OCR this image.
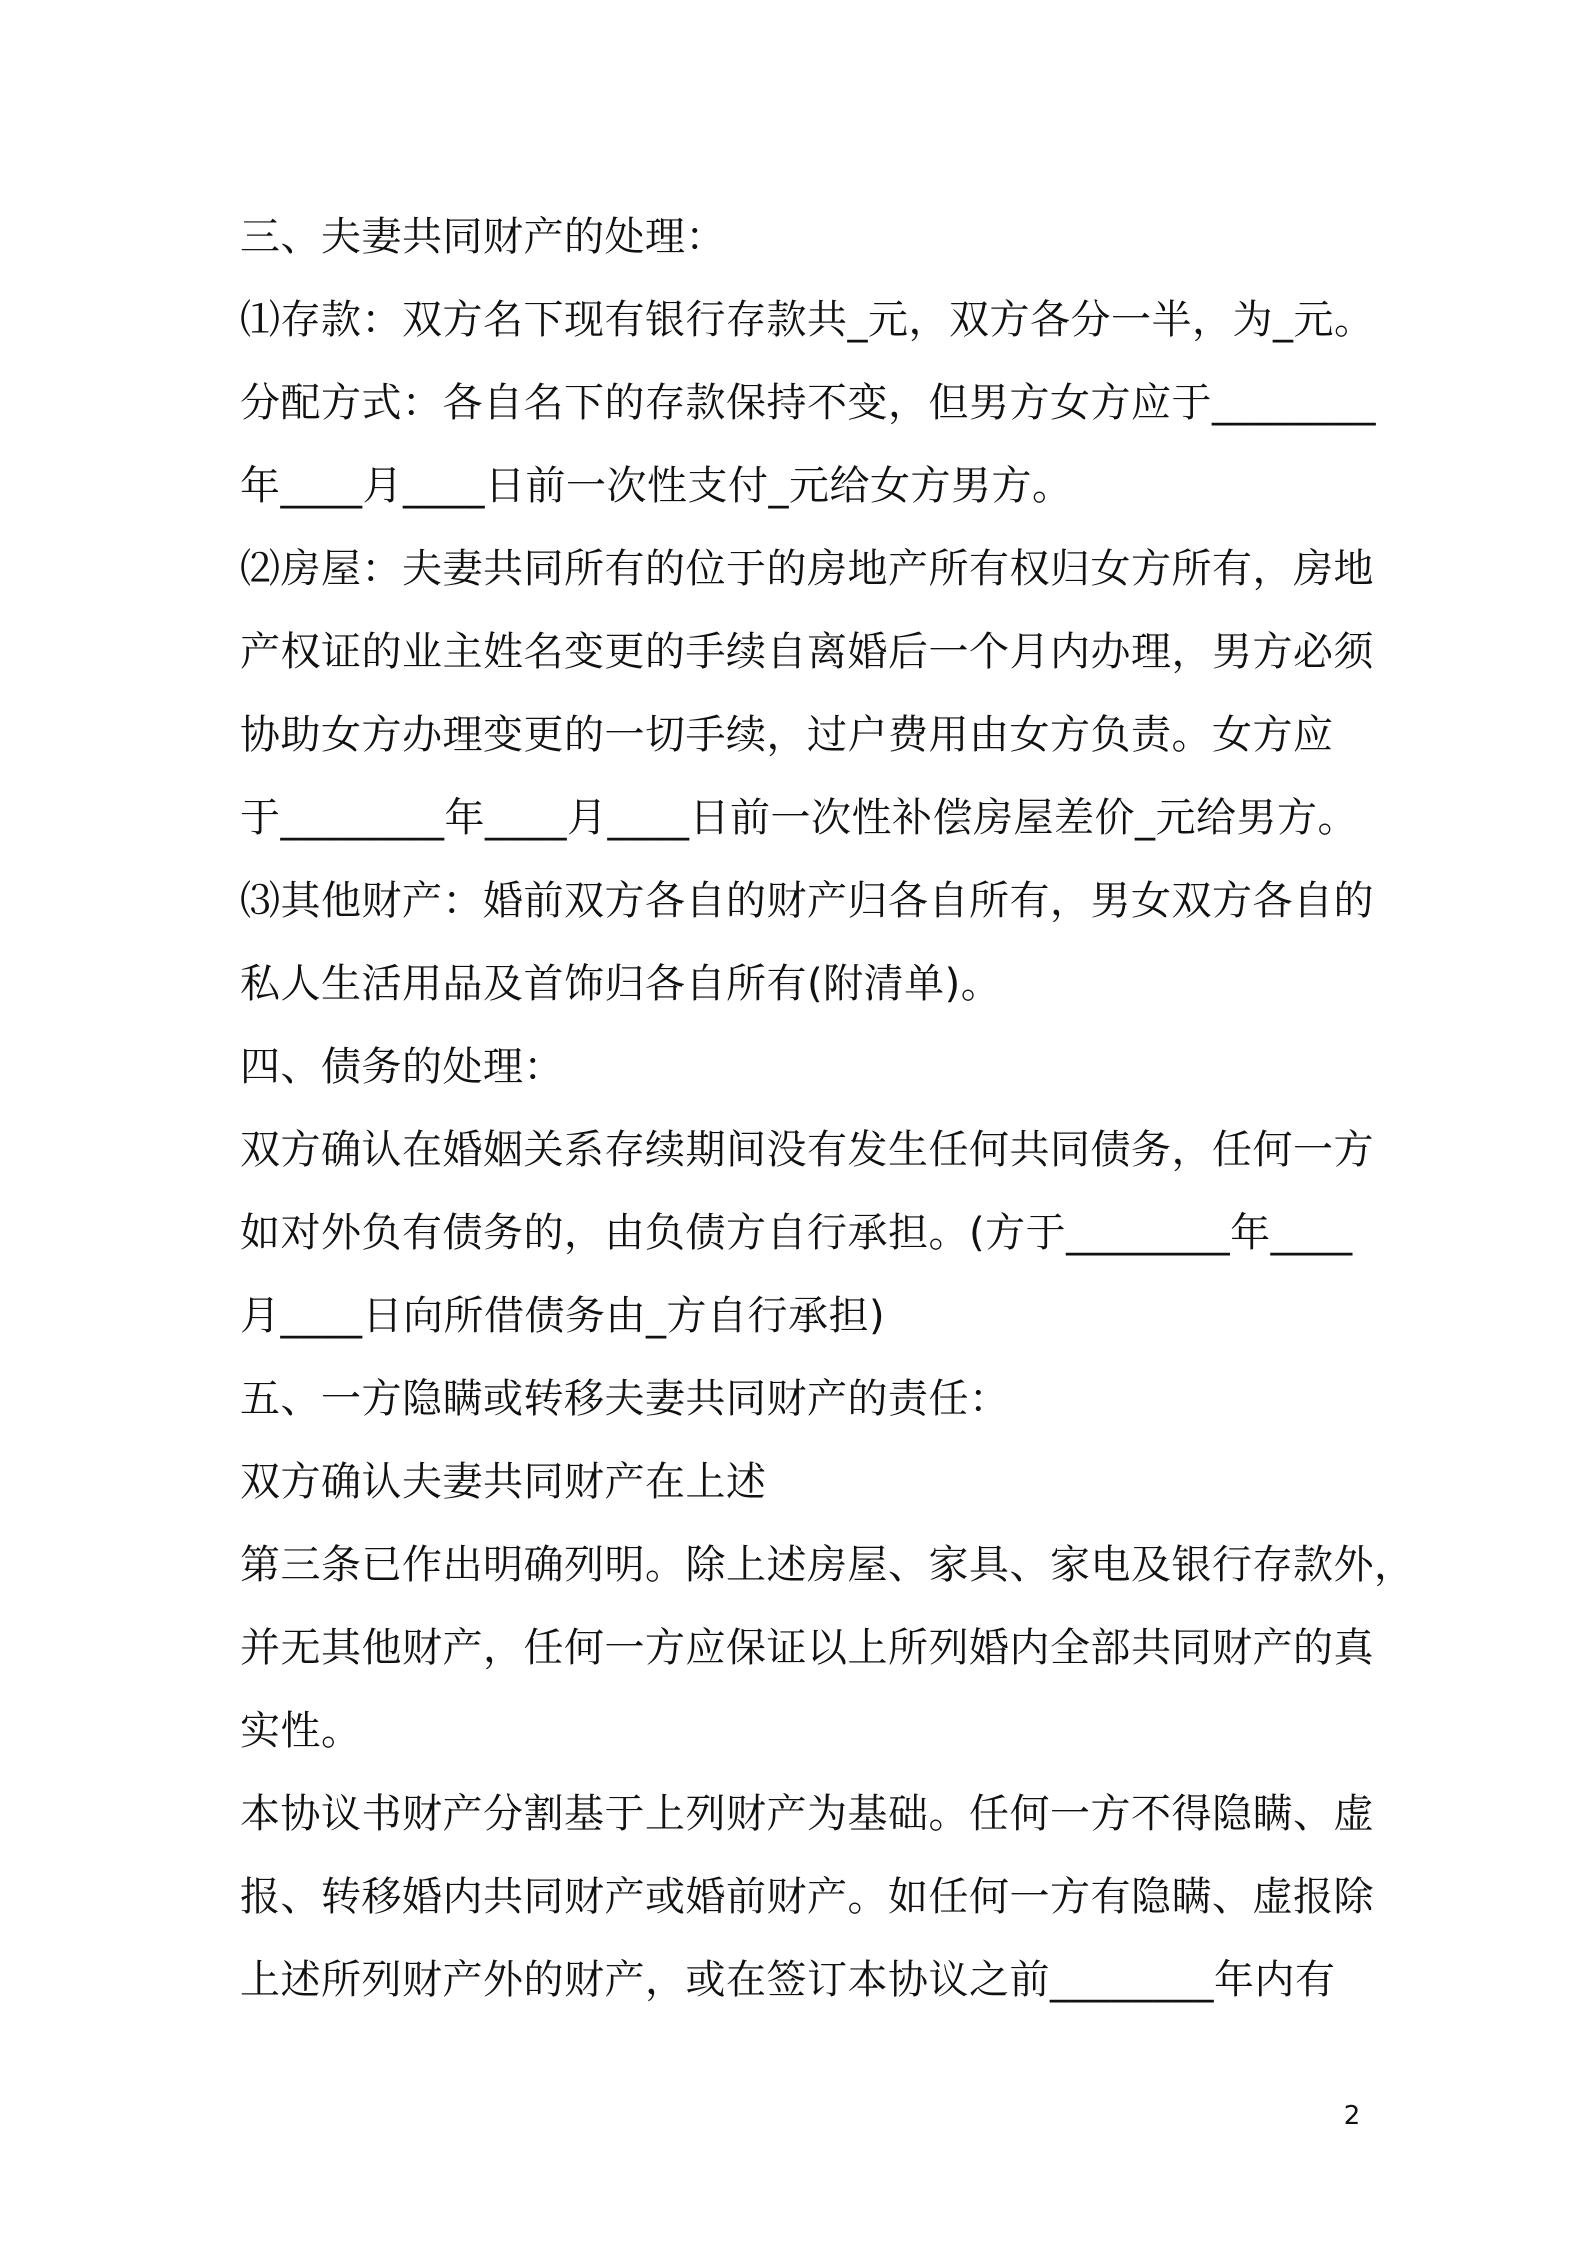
三、夫妻共同财产的处理：
⑴存款：双方名下现有银行存款共_元，双方各分一半，为_元。
分配方式：各自名下的存款保持不变，但男方女方应于________
年____月____日前一次性支付_元给女方男方。
⑵房屋：夫妻共同所有的位于的房地产所有权归女方所有，房地
产权证的业主姓名变更的手续自离婚后一个月内办理，男方必须
协助女方办理变更的一切手续，过户费用由女方负责。女方应
于________年____月____日前一次性补偿房屋差价_元给男方。
⑶其他财产：婚前双方各自的财产归各自所有，男女双方各自的
私人生活用品及首饰归各自所有(附清单)。
四、债务的处理：
双方确认在婚姻关系存续期间没有发生任何共同债务，任何一方
如对外负有债务的，由负债方自行承担。(方于________年____
月____日向所借债务由_方自行承担)
五、一方隐瞒或转移夫妻共同财产的责任：
双方确认夫妻共同财产在上述
第三条已作出明确列明。除上述房屋、家具、家电及银行存款外，
并无其他财产，任何一方应保证以上所列婚内全部共同财产的真
实性。
本协议书财产分割基于上列财产为基础。任何一方不得隐瞒、虚
报、转移婚内共同财产或婚前财产。如任何一方有隐瞒、虚报除
上述所列财产外的财产，或在签订本协议之前________年内有
2
